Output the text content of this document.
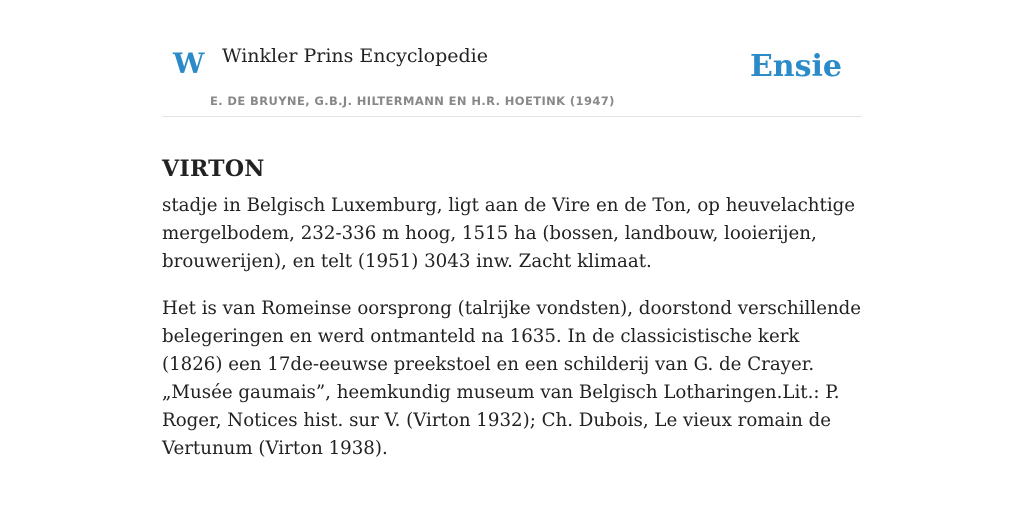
W Winkler Prins Encyclopedie
E. DE BRUYNE, G.B.J. HILTERMANN EN H.R. HOETINK (1947)
Ensie
VIRTON

stadje in Belgisch Luxemburg, ligt aan de Vire en de Ton, op heuvelachtige mergelbodem, 232-336 m hoog, 1515 ha (bossen, landbouw, looierijen, brouwerijen), en telt (1951) 3043 inw. Zacht klimaat.

Het is van Romeinse oorsprong (talrijke vondsten), doorstond verschillende belegeringen en werd ontmanteld na 1635. In de classicistische kerk (1826) een 17de-eeuwse preekstoel en een schilderij van G. de Crayer. „Musée gaumais”, heemkundig museum van Belgisch Lotharingen.Lit.: P. Roger, Notices hist. sur V. (Virton 1932); Ch. Dubois, Le vieux romain de Vertunum (Virton 1938).
